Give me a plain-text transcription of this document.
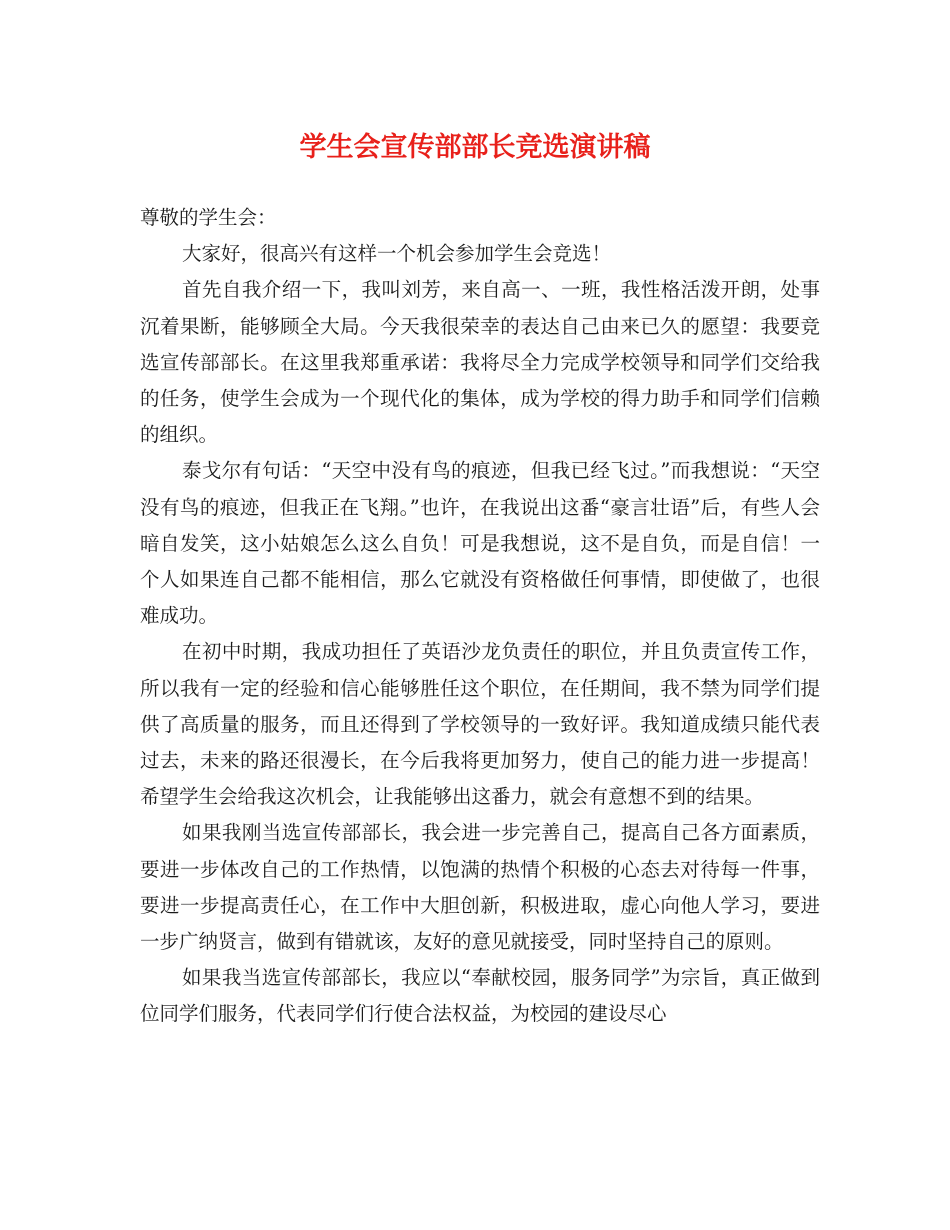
学生会宣传部部长竞选演讲稿

尊敬的学生会：

大家好，很高兴有这样一个机会参加学生会竞选！

首先自我介绍一下，我叫刘芳，来自高一、一班，我性格活泼开朗，处事沉着果断，能够顾全大局。今天我很荣幸的表达自己由来已久的愿望：我要竞选宣传部部长。在这里我郑重承诺：我将尽全力完成学校领导和同学们交给我的任务，使学生会成为一个现代化的集体，成为学校的得力助手和同学们信赖的组织。

泰戈尔有句话：“天空中没有鸟的痕迹，但我已经飞过。”而我想说：“天空没有鸟的痕迹，但我正在飞翔。”也许，在我说出这番“豪言壮语”后，有些人会暗自发笑，这小姑娘怎么这么自负！可是我想说，这不是自负，而是自信！一个人如果连自己都不能相信，那么它就没有资格做任何事情，即使做了，也很难成功。

在初中时期，我成功担任了英语沙龙负责任的职位，并且负责宣传工作，所以我有一定的经验和信心能够胜任这个职位，在任期间，我不禁为同学们提供了高质量的服务，而且还得到了学校领导的一致好评。我知道成绩只能代表过去，未来的路还很漫长，在今后我将更加努力，使自己的能力进一步提高！希望学生会给我这次机会，让我能够出这番力，就会有意想不到的结果。

如果我刚当选宣传部部长，我会进一步完善自己，提高自己各方面素质，要进一步体改自己的工作热情，以饱满的热情个积极的心态去对待每一件事，要进一步提高责任心，在工作中大胆创新，积极进取，虚心向他人学习，要进一步广纳贤言，做到有错就该，友好的意见就接受，同时坚持自己的原则。

如果我当选宣传部部长，我应以“奉献校园，服务同学”为宗旨，真正做到位同学们服务，代表同学们行使合法权益，为校园的建设尽心
